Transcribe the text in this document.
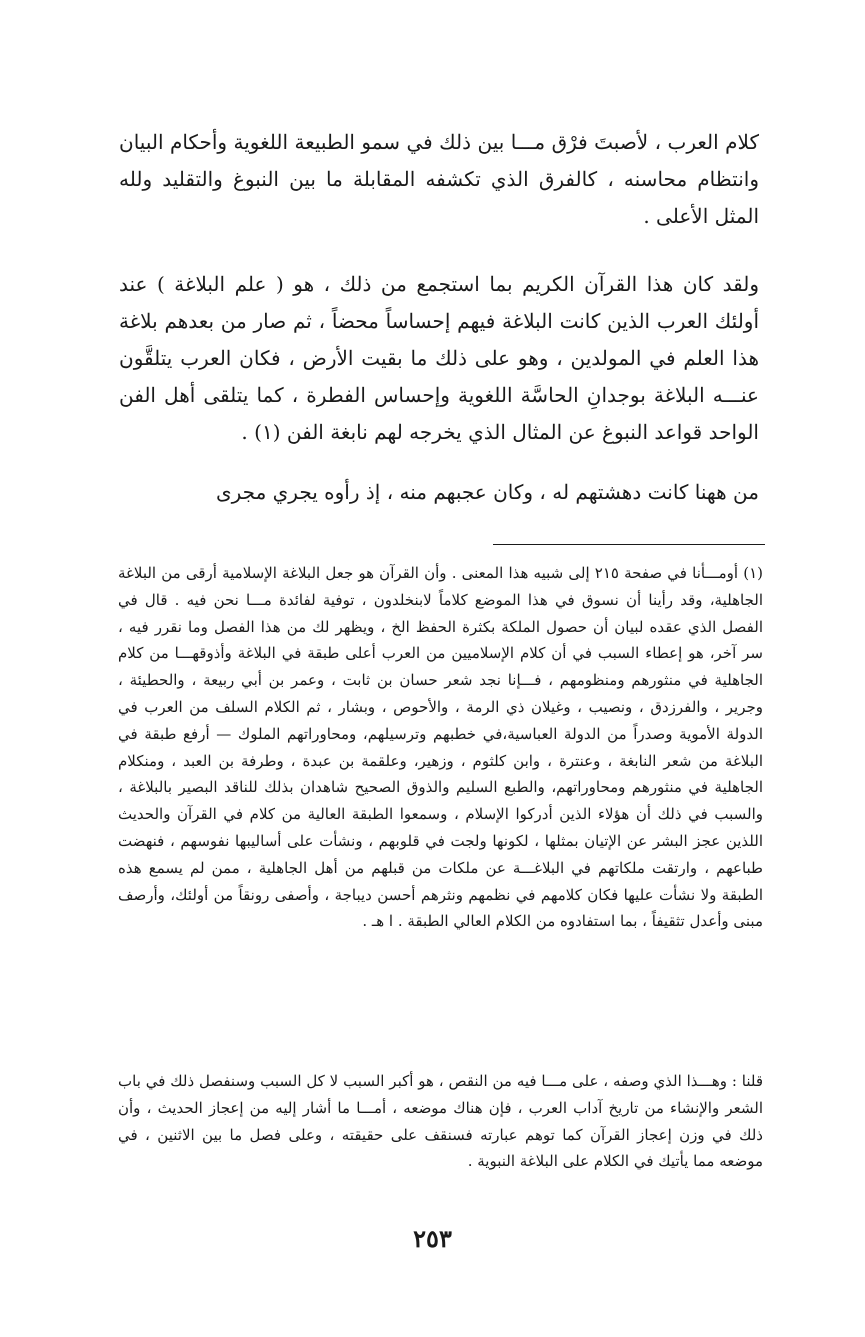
كلام العرب ، لأصبتَ فرْق مـــا بين ذلك في سمو الطبيعة اللغوية وأحكام البيان وانتظام محاسنه ، كالفرق الذي تكشفه المقابلة ما بين النبوغ والتقليد ولله المثل الأعلى .

ولقد كان هذا القرآن الكريم بما استجمع من ذلك ، هو ( علم البلاغة ) عند أولئك العرب الذين كانت البلاغة فيهم إحساساً محضاً ، ثم صار من بعدهم بلاغة هذا العلم في المولدين ، وهو على ذلك ما بقيت الأرض ، فكان العرب يتلقَّون عنـــه البلاغة بوجدانِ الحاسَّة اللغوية وإحساس الفطرة ، كما يتلقى أهل الفن الواحد قواعد النبوغ عن المثال الذي يخرجه لهم نابغة الفن (١) .

من ههنا كانت دهشتهم له ، وكان عجبهم منه ، إذ رأوه يجري مجرى

(١) أومـــأنا في صفحة ٢١٥ إلى شبيه هذا المعنى . وأن القرآن هو جعل البلاغة الإسلامية أرقى من البلاغة الجاهلية، وقد رأينا أن نسوق في هذا الموضع كلاماً لابنخلدون ، توفية لفائدة مـــا نحن فيه . قال في الفصل الذي عقده لبيان أن حصول الملكة بكثرة الحفظ الخ ، ويظهر لك من هذا الفصل وما نقرر فيه ، سر آخر، هو إعطاء السبب في أن كلام الإسلاميين من العرب أعلى طبقة في البلاغة وأذوقهـــا من كلام الجاهلية في منثورهم ومنظومهم ، فـــإنا نجد شعر حسان بن ثابت ، وعمر بن أبي ربيعة ، والحطيئة ، وجرير ، والفرزدق ، ونصيب ، وغيلان ذي الرمة ، والأحوص ، وبشار ، ثم الكلام السلف من العرب في الدولة الأموية وصدراً من الدولة العباسية،في خطبهم وترسيلهم، ومحاوراتهم الملوك — أرفع طبقة في البلاغة من شعر النابغة ، وعنترة ، وابن كلثوم ، وزهير، وعلقمة بن عبدة ، وطرفة بن العبد ، ومنكلام الجاهلية في منثورهم ومحاوراتهم، والطبع السليم والذوق الصحيح شاهدان بذلك للناقد البصير بالبلاغة ، والسبب في ذلك أن هؤلاء الذين أدركوا الإسلام ، وسمعوا الطبقة العالية من كلام في القرآن والحديث اللذين عجز البشر عن الإتيان بمثلها ، لكونها ولجت في قلوبهم ، ونشأت على أساليبها نفوسهم ، فنهضت طباعهم ، وارتقت ملكاتهم في البلاغـــة عن ملكات من قبلهم من أهل الجاهلية ، ممن لم يسمع هذه الطبقة ولا نشأت عليها فكان كلامهم في نظمهم ونثرهم أحسن ديباجة ، وأصفى رونقاً من أولئك، وأرصف مبنى وأعدل تثقيفاً ، بما استفادوه من الكلام العالي الطبقة . ا هـ .

قلنا : وهـــذا الذي وصفه ، على مـــا فيه من النقص ، هو أكبر السبب لا كل السبب وسنفصل ذلك في باب الشعر والإنشاء من تاريخ آداب العرب ، فإن هناك موضعه ، أمـــا ما أشار إليه من إعجاز الحديث ، وأن ذلك في وزن إعجاز القرآن كما توهم عبارته فسنقف على حقيقته ، وعلى فصل ما بين الاثنين ، في موضعه مما يأتيك في الكلام على البلاغة النبوية .

٢٥٣
